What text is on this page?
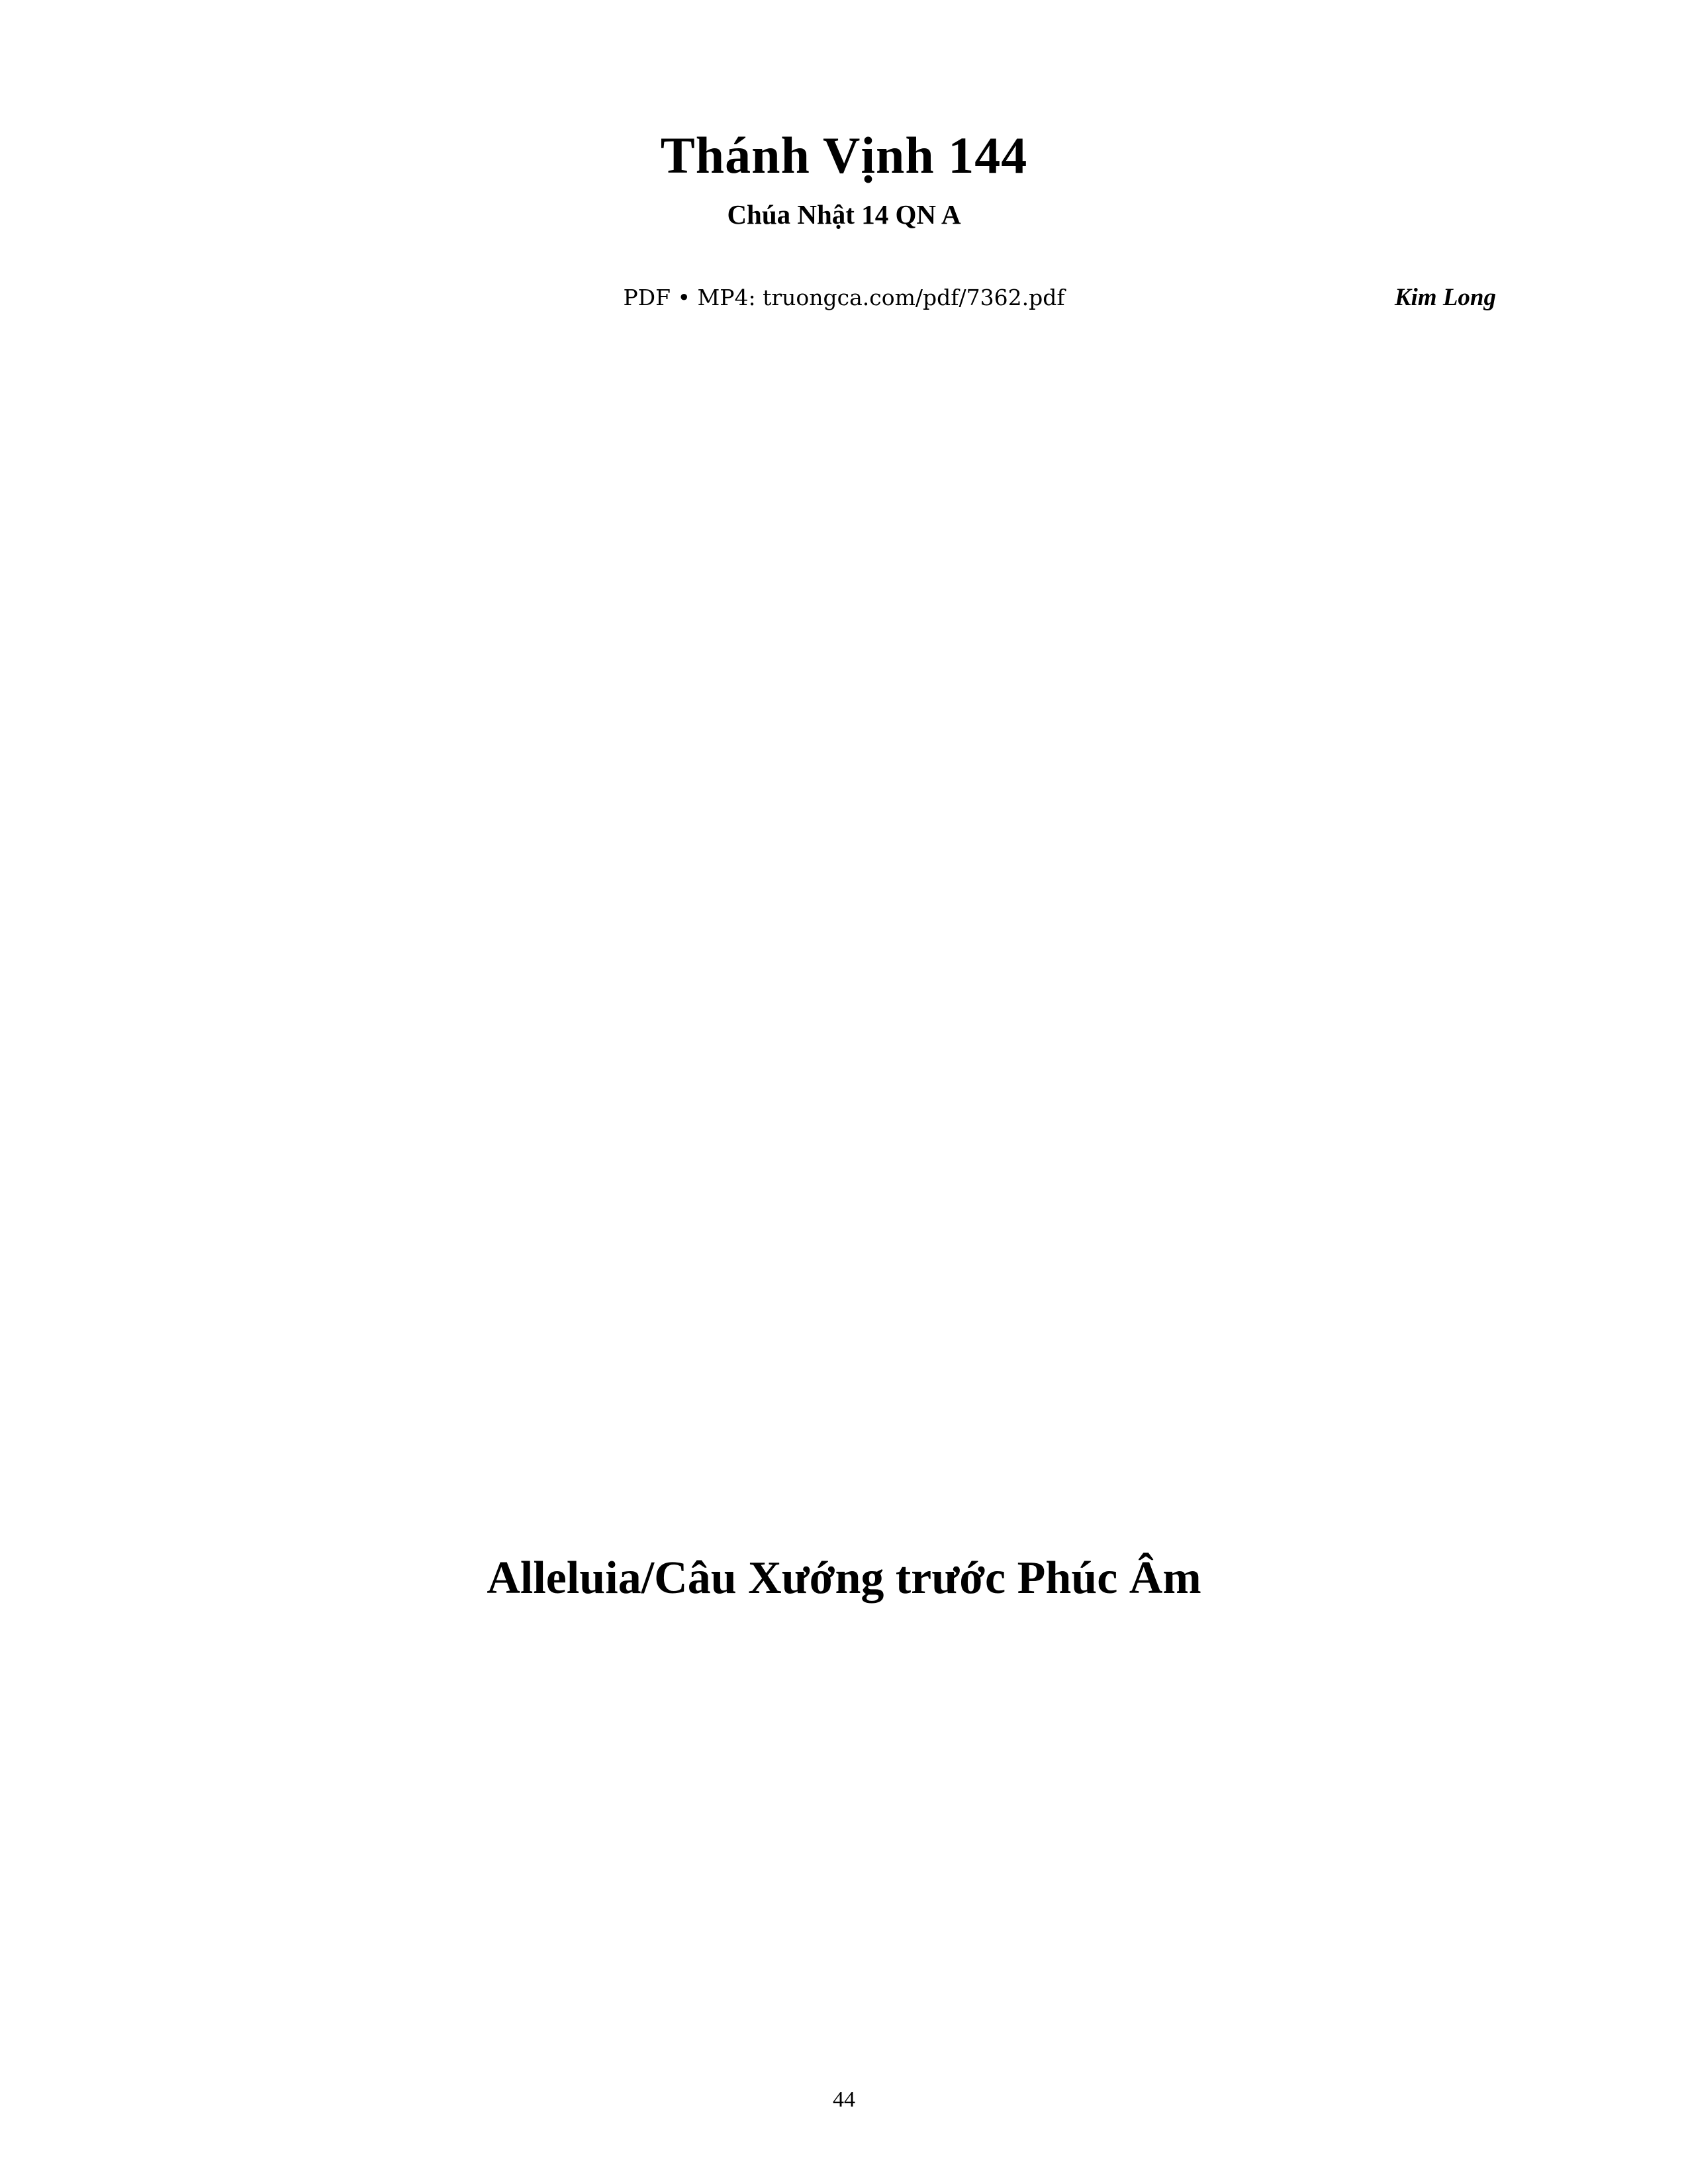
Thánh Vịnh 144
Chúa Nhật 14 QN A
PDF • MP4: truongca.com/pdf/7362.pdf	Kim Long
Alleluia/Câu Xướng trước Phúc Âm
44
